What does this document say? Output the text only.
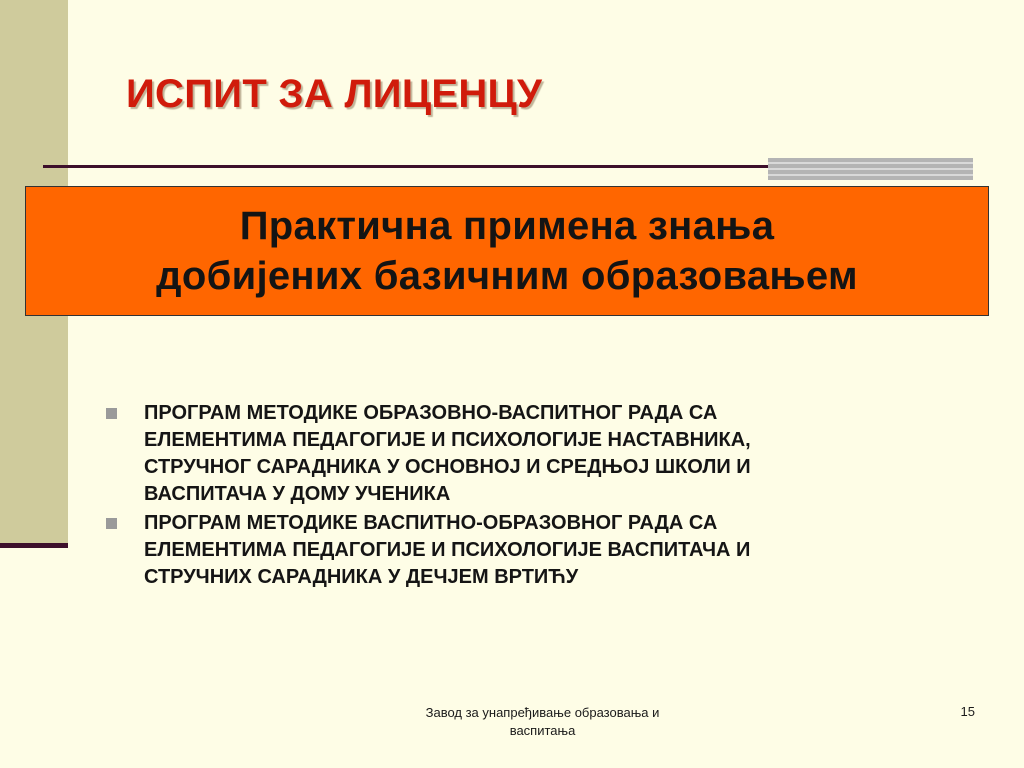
ИСПИТ ЗА ЛИЦЕНЦУ
Практична примена знања
добијених базичним образовањем
ПРОГРАМ МЕТОДИКЕ ОБРАЗОВНО-ВАСПИТНОГ РАДА СА
ЕЛЕМЕНТИМА ПЕДАГОГИЈЕ И ПСИХОЛОГИЈЕ НАСТАВНИКА,
СТРУЧНОГ САРАДНИКА У ОСНОВНОЈ И СРЕДЊОЈ ШКОЛИ И
ВАСПИТАЧА У ДОМУ УЧЕНИКА
ПРОГРАМ МЕТОДИКЕ ВАСПИТНО-ОБРАЗОВНОГ РАДА СА
ЕЛЕМЕНТИМА ПЕДАГОГИЈЕ И ПСИХОЛОГИЈЕ ВАСПИТАЧА И
СТРУЧНИХ САРАДНИКА У ДЕЧЈЕМ ВРТИЋУ
Завод за унапређивање образовања и
васпитања
15
